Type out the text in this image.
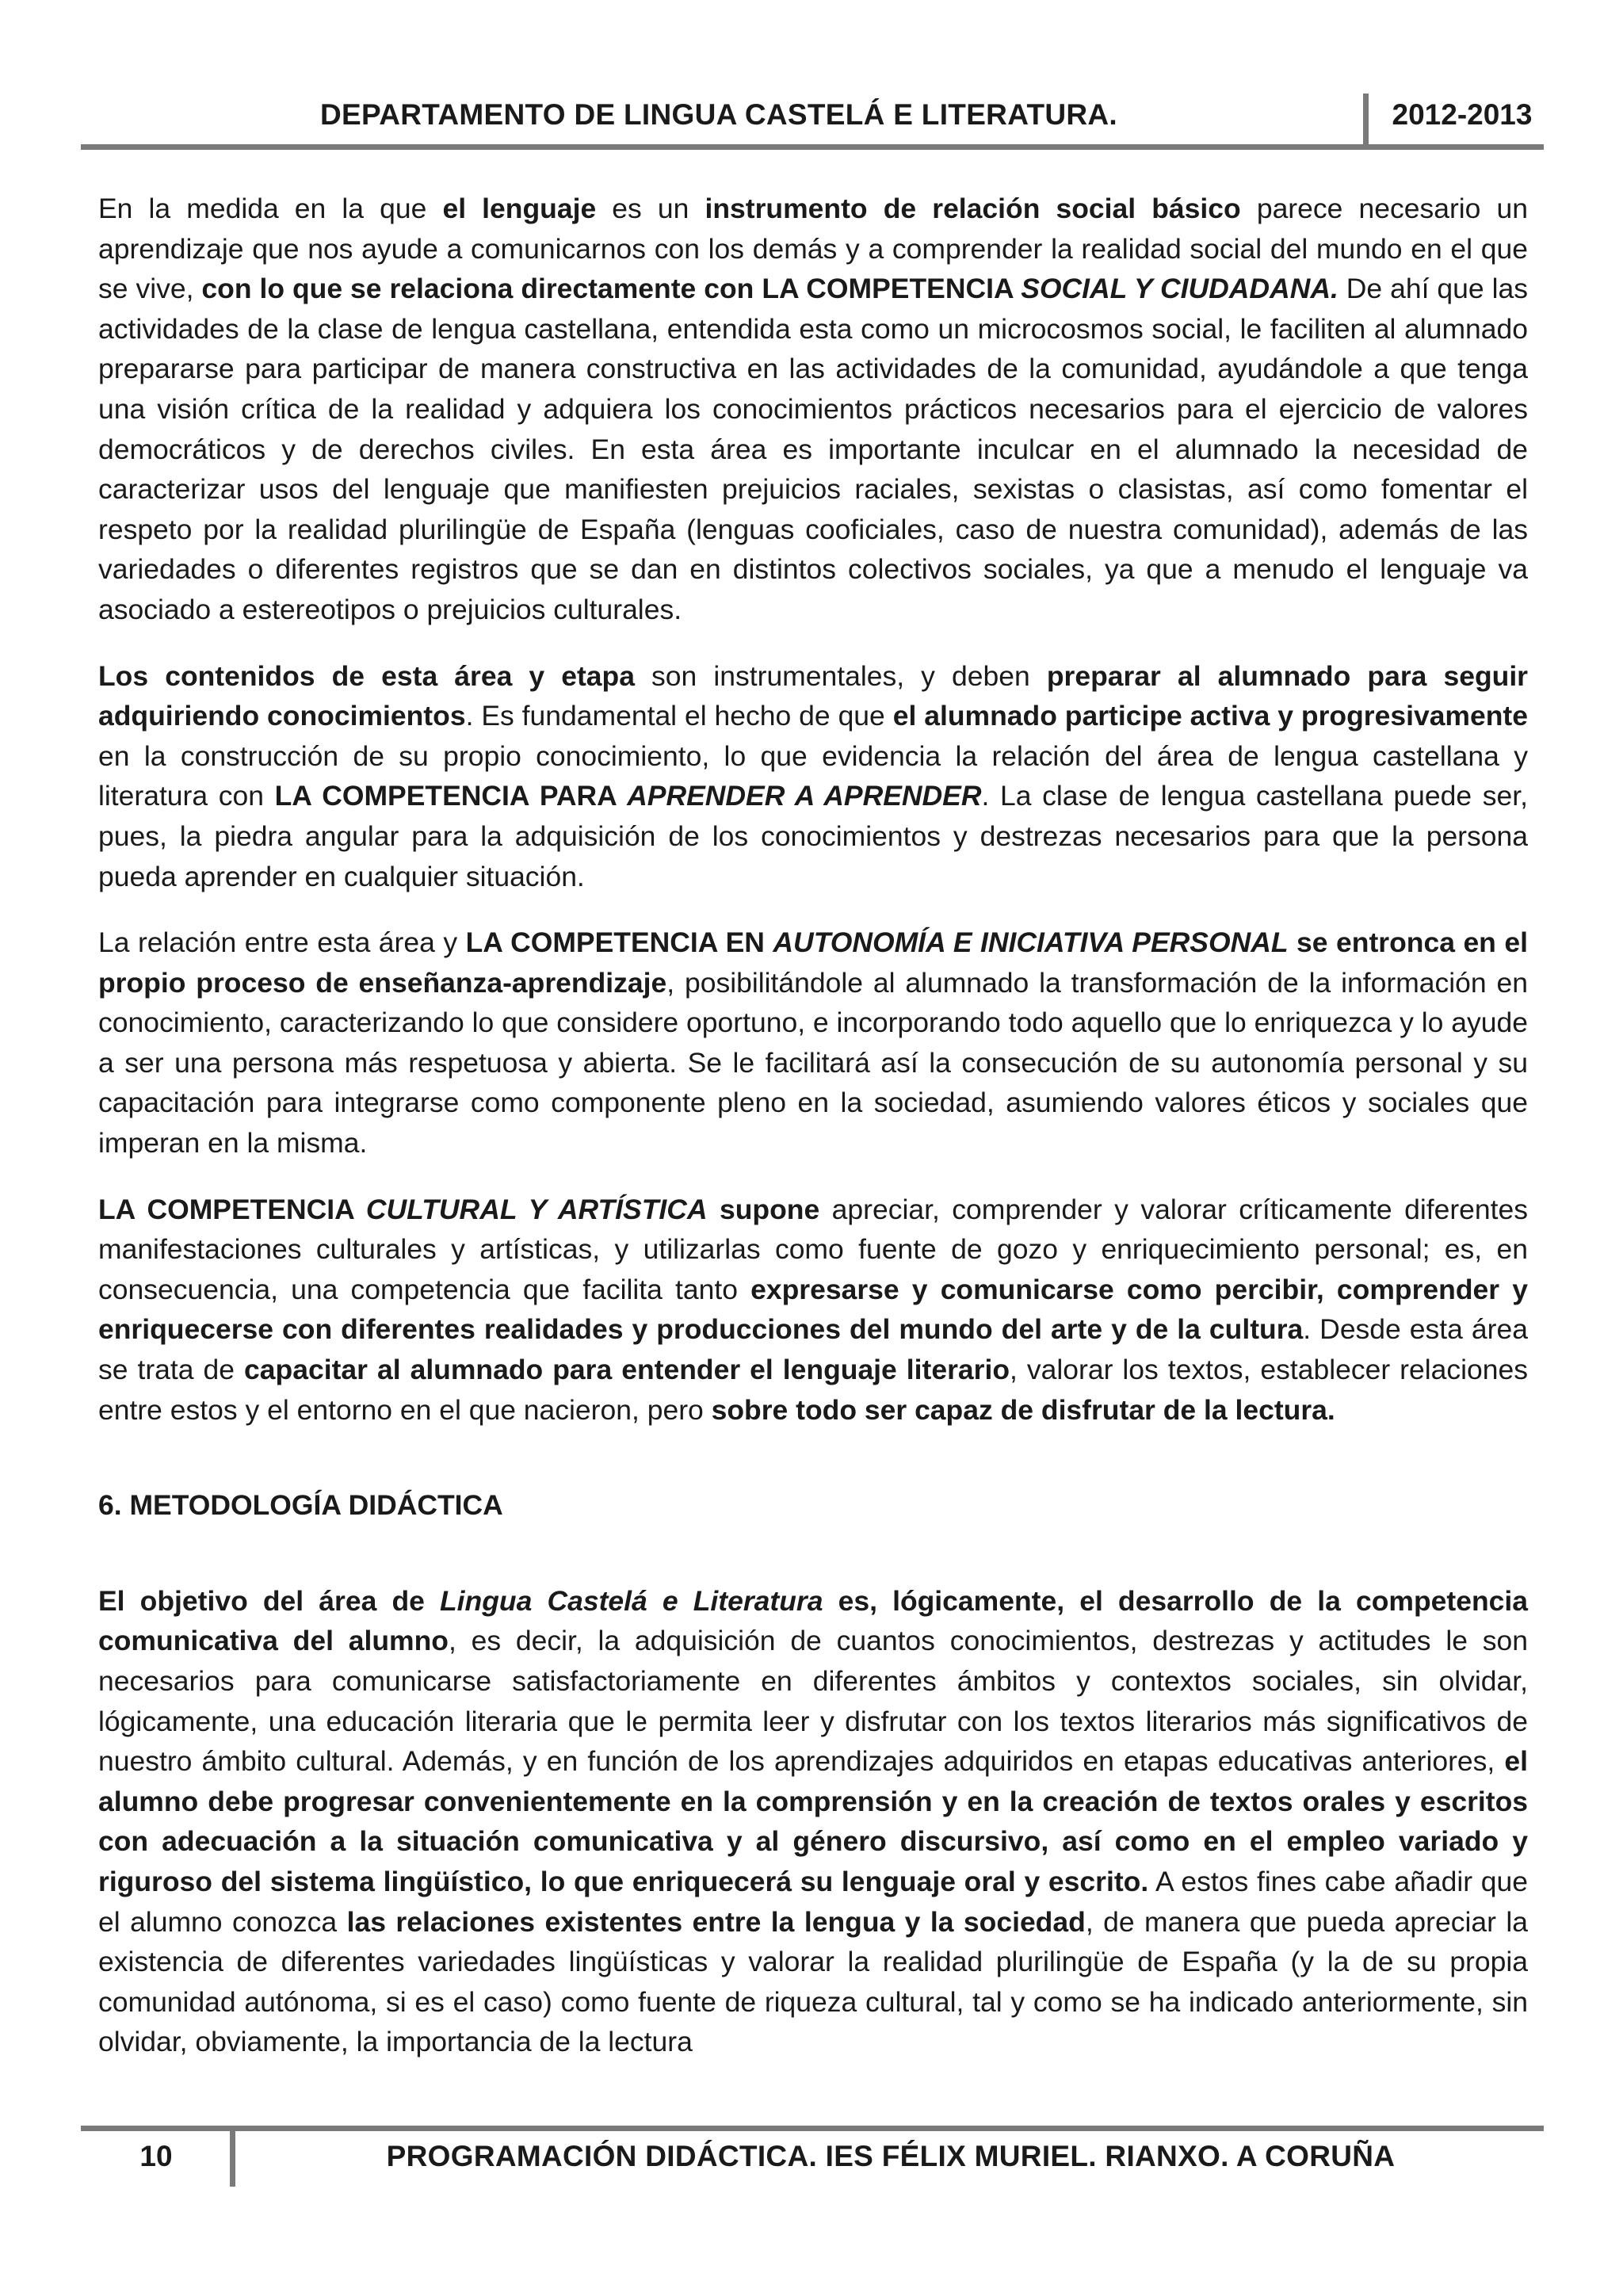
DEPARTAMENTO DE LINGUA CASTELÁ E LITERATURA.	2012-2013

En la medida en la que el lenguaje es un instrumento de relación social básico parece necesario un aprendizaje que nos ayude a comunicarnos con los demás y a comprender la realidad social del mundo en el que se vive, con lo que se relaciona directamente con LA COMPETENCIA SOCIAL Y CIUDADANA. De ahí que las actividades de la clase de lengua castellana, entendida esta como un microcosmos social, le faciliten al alumnado prepararse para participar de manera constructiva en las actividades de la comunidad, ayudándole a que tenga una visión crítica de la realidad y adquiera los conocimientos prácticos necesarios para el ejercicio de valores democráticos y de derechos civiles. En esta área es importante inculcar en el alumnado la necesidad de caracterizar usos del lenguaje que manifiesten prejuicios raciales, sexistas o clasistas, así como fomentar el respeto por la realidad plurilingüe de España (lenguas cooficiales, caso de nuestra comunidad), además de las variedades o diferentes registros que se dan en distintos colectivos sociales, ya que a menudo el lenguaje va asociado a estereotipos o prejuicios culturales.

Los contenidos de esta área y etapa son instrumentales, y deben preparar al alumnado para seguir adquiriendo conocimientos. Es fundamental el hecho de que el alumnado participe activa y progresivamente en la construcción de su propio conocimiento, lo que evidencia la relación del área de lengua castellana y literatura con LA COMPETENCIA PARA APRENDER A APRENDER. La clase de lengua castellana puede ser, pues, la piedra angular para la adquisición de los conocimientos y destrezas necesarios para que la persona pueda aprender en cualquier situación.

La relación entre esta área y LA COMPETENCIA EN AUTONOMÍA E INICIATIVA PERSONAL se entronca en el propio proceso de enseñanza-aprendizaje, posibilitándole al alumnado la transformación de la información en conocimiento, caracterizando lo que considere oportuno, e incorporando todo aquello que lo enriquezca y lo ayude a ser una persona más respetuosa y abierta. Se le facilitará así la consecución de su autonomía personal y su capacitación para integrarse como componente pleno en la sociedad, asumiendo valores éticos y sociales que imperan en la misma.

LA COMPETENCIA CULTURAL Y ARTÍSTICA supone apreciar, comprender y valorar críticamente diferentes manifestaciones culturales y artísticas, y utilizarlas como fuente de gozo y enriquecimiento personal; es, en consecuencia, una competencia que facilita tanto expresarse y comunicarse como percibir, comprender y enriquecerse con diferentes realidades y producciones del mundo del arte y de la cultura. Desde esta área se trata de capacitar al alumnado para entender el lenguaje literario, valorar los textos, establecer relaciones entre estos y el entorno en el que nacieron, pero sobre todo ser capaz de disfrutar de la lectura.

6. METODOLOGÍA DIDÁCTICA

El objetivo del área de Lingua Castelá e Literatura es, lógicamente, el desarrollo de la competencia comunicativa del alumno, es decir, la adquisición de cuantos conocimientos, destrezas y actitudes le son necesarios para comunicarse satisfactoriamente en diferentes ámbitos y contextos sociales, sin olvidar, lógicamente, una educación literaria que le permita leer y disfrutar con los textos literarios más significativos de nuestro ámbito cultural. Además, y en función de los aprendizajes adquiridos en etapas educativas anteriores, el alumno debe progresar convenientemente en la comprensión y en la creación de textos orales y escritos con adecuación a la situación comunicativa y al género discursivo, así como en el empleo variado y riguroso del sistema lingüístico, lo que enriquecerá su lenguaje oral y escrito. A estos fines cabe añadir que el alumno conozca las relaciones existentes entre la lengua y la sociedad, de manera que pueda apreciar la existencia de diferentes variedades lingüísticas y valorar la realidad plurilingüe de España (y la de su propia comunidad autónoma, si es el caso) como fuente de riqueza cultural, tal y como se ha indicado anteriormente, sin olvidar, obviamente, la importancia de la lectura

10	PROGRAMACIÓN DIDÁCTICA. IES FÉLIX MURIEL. RIANXO. A CORUÑA
